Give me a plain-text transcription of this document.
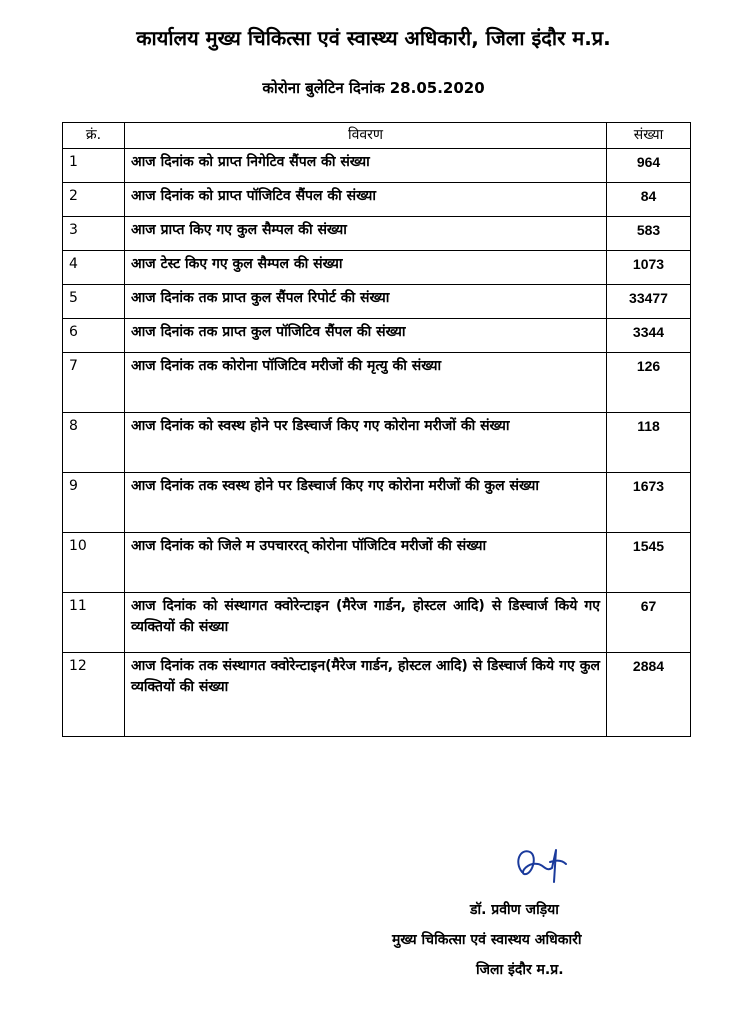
कार्यालय मुख्य चिकित्सा एवं स्वास्थ्य अधिकारी, जिला इंदौर म.प्र.
कोरोना बुलेटिन दिनांक 28.05.2020
क्रं.	विवरण	संख्या
1	आज दिनांक को प्राप्त निगेटिव सैंपल की संख्या	964
2	आज दिनांक को प्राप्त पॉजिटिव सैंपल की संख्या	84
3	आज प्राप्त किए गए कुल सैम्पल की संख्या	583
4	आज टेस्ट किए गए कुल सैम्पल की संख्या	1073
5	आज दिनांक तक प्राप्त कुल सैंपल रिपोर्ट की संख्या	33477
6	आज दिनांक तक प्राप्त कुल पॉजिटिव सैंपल की संख्या	3344
7	आज दिनांक तक कोरोना पॉजिटिव मरीजों की मृत्यु की संख्या	126
8	आज दिनांक को स्वस्थ होने पर डिस्चार्ज किए गए कोरोना मरीजों की संख्या	118
9	आज दिनांक तक स्वस्थ होने पर डिस्चार्ज किए गए कोरोना मरीजों की कुल संख्या	1673
10	आज दिनांक को जिले म उपचाररत् कोरोना पॉजिटिव मरीजों की संख्या	1545
11	आज दिनांक को संस्थागत क्वोरेन्टाइन (मैरेज गार्डन, होस्टल आदि) से डिस्चार्ज किये गए व्यक्तियों की संख्या	67
12	आज दिनांक तक संस्थागत क्वोरेन्टाइन(मैरेज गार्डन, होस्टल आदि) से डिस्चार्ज किये गए कुल व्यक्तियों की संख्या	2884
डॉ. प्रवीण जड़िया
मुख्य चिकित्सा एवं स्वास्थय अधिकारी
जिला इंदौर म.प्र.
